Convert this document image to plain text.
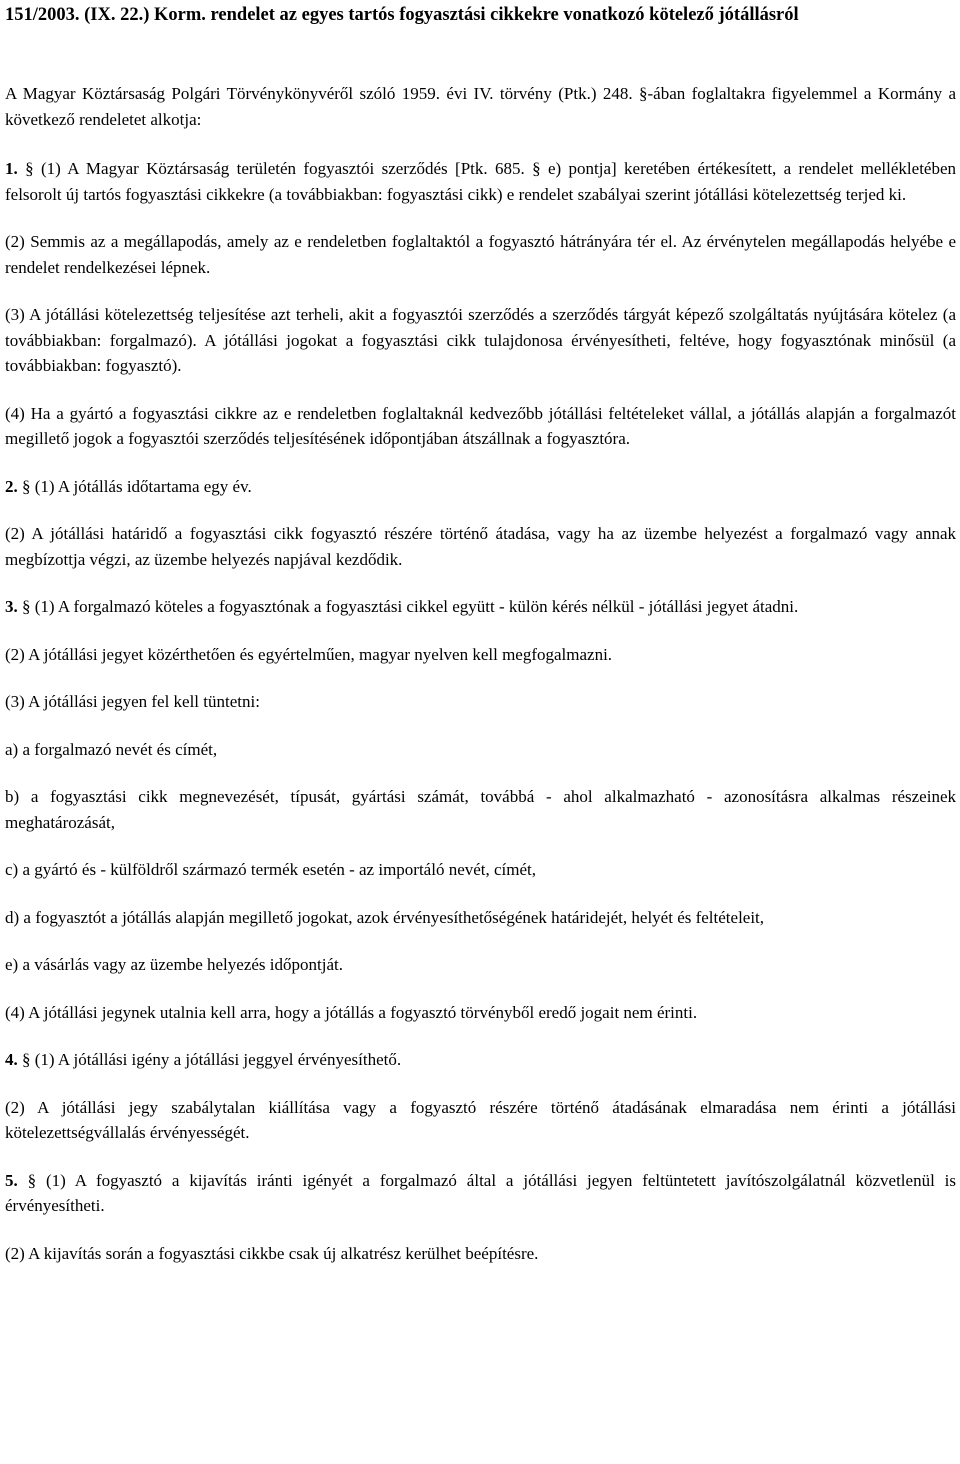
151/2003. (IX. 22.) Korm. rendelet az egyes tartós fogyasztási cikkekre vonatkozó kötelező jótállásról

A Magyar Köztársaság Polgári Törvénykönyvéről szóló 1959. évi IV. törvény (Ptk.) 248. §-ában foglaltakra figyelemmel a Kormány a következő rendeletet alkotja:

1. § (1) A Magyar Köztársaság területén fogyasztói szerződés [Ptk. 685. § e) pontja] keretében értékesített, a rendelet mellékletében felsorolt új tartós fogyasztási cikkekre (a továbbiakban: fogyasztási cikk) e rendelet szabályai szerint jótállási kötelezettség terjed ki.

(2) Semmis az a megállapodás, amely az e rendeletben foglaltaktól a fogyasztó hátrányára tér el. Az érvénytelen megállapodás helyébe e rendelet rendelkezései lépnek.

(3) A jótállási kötelezettség teljesítése azt terheli, akit a fogyasztói szerződés a szerződés tárgyát képező szolgáltatás nyújtására kötelez (a továbbiakban: forgalmazó). A jótállási jogokat a fogyasztási cikk tulajdonosa érvényesítheti, feltéve, hogy fogyasztónak minősül (a továbbiakban: fogyasztó).

(4) Ha a gyártó a fogyasztási cikkre az e rendeletben foglaltaknál kedvezőbb jótállási feltételeket vállal, a jótállás alapján a forgalmazót megillető jogok a fogyasztói szerződés teljesítésének időpontjában átszállnak a fogyasztóra.

2. § (1) A jótállás időtartama egy év.

(2) A jótállási határidő a fogyasztási cikk fogyasztó részére történő átadása, vagy ha az üzembe helyezést a forgalmazó vagy annak megbízottja végzi, az üzembe helyezés napjával kezdődik.

3. § (1) A forgalmazó köteles a fogyasztónak a fogyasztási cikkel együtt - külön kérés nélkül - jótállási jegyet átadni.

(2) A jótállási jegyet közérthetően és egyértelműen, magyar nyelven kell megfogalmazni.

(3) A jótállási jegyen fel kell tüntetni:

a) a forgalmazó nevét és címét,

b) a fogyasztási cikk megnevezését, típusát, gyártási számát, továbbá - ahol alkalmazható - azonosításra alkalmas részeinek meghatározását,

c) a gyártó és - külföldről származó termék esetén - az importáló nevét, címét,

d) a fogyasztót a jótállás alapján megillető jogokat, azok érvényesíthetőségének határidejét, helyét és feltételeit,

e) a vásárlás vagy az üzembe helyezés időpontját.

(4) A jótállási jegynek utalnia kell arra, hogy a jótállás a fogyasztó törvényből eredő jogait nem érinti.

4. § (1) A jótállási igény a jótállási jeggyel érvényesíthető.

(2) A jótállási jegy szabálytalan kiállítása vagy a fogyasztó részére történő átadásának elmaradása nem érinti a jótállási kötelezettségvállalás érvényességét.

5. § (1) A fogyasztó a kijavítás iránti igényét a forgalmazó által a jótállási jegyen feltüntetett javítószolgálatnál közvetlenül is érvényesítheti.

(2) A kijavítás során a fogyasztási cikkbe csak új alkatrész kerülhet beépítésre.
